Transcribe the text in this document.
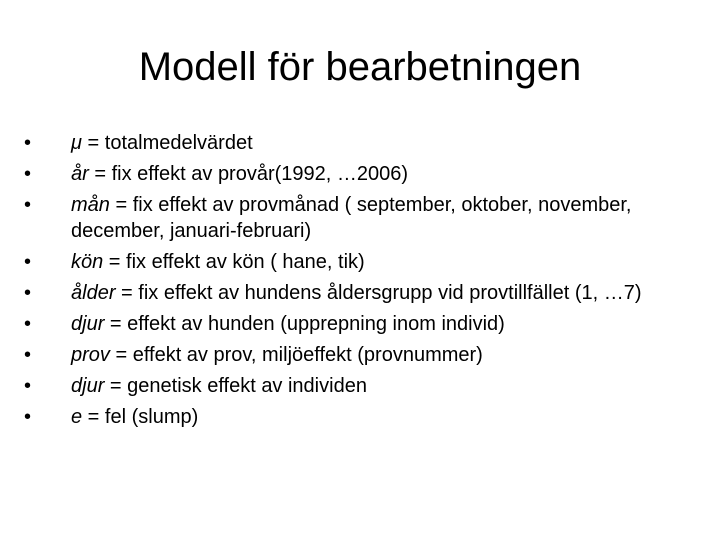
Modell för bearbetningen
•	μ = totalmedelvärdet
•	år = fix effekt av provår(1992, …2006)
•	mån = fix effekt av provmånad ( september, oktober, november, december, januari-februari)
•	kön = fix effekt av kön ( hane, tik)
•	ålder = fix effekt av hundens åldersgrupp vid provtillfället (1, …7)
•	djur = effekt av hunden (upprepning inom individ)
•	prov = effekt av prov, miljöeffekt (provnummer)
•	djur = genetisk effekt av individen
•	e = fel (slump)
